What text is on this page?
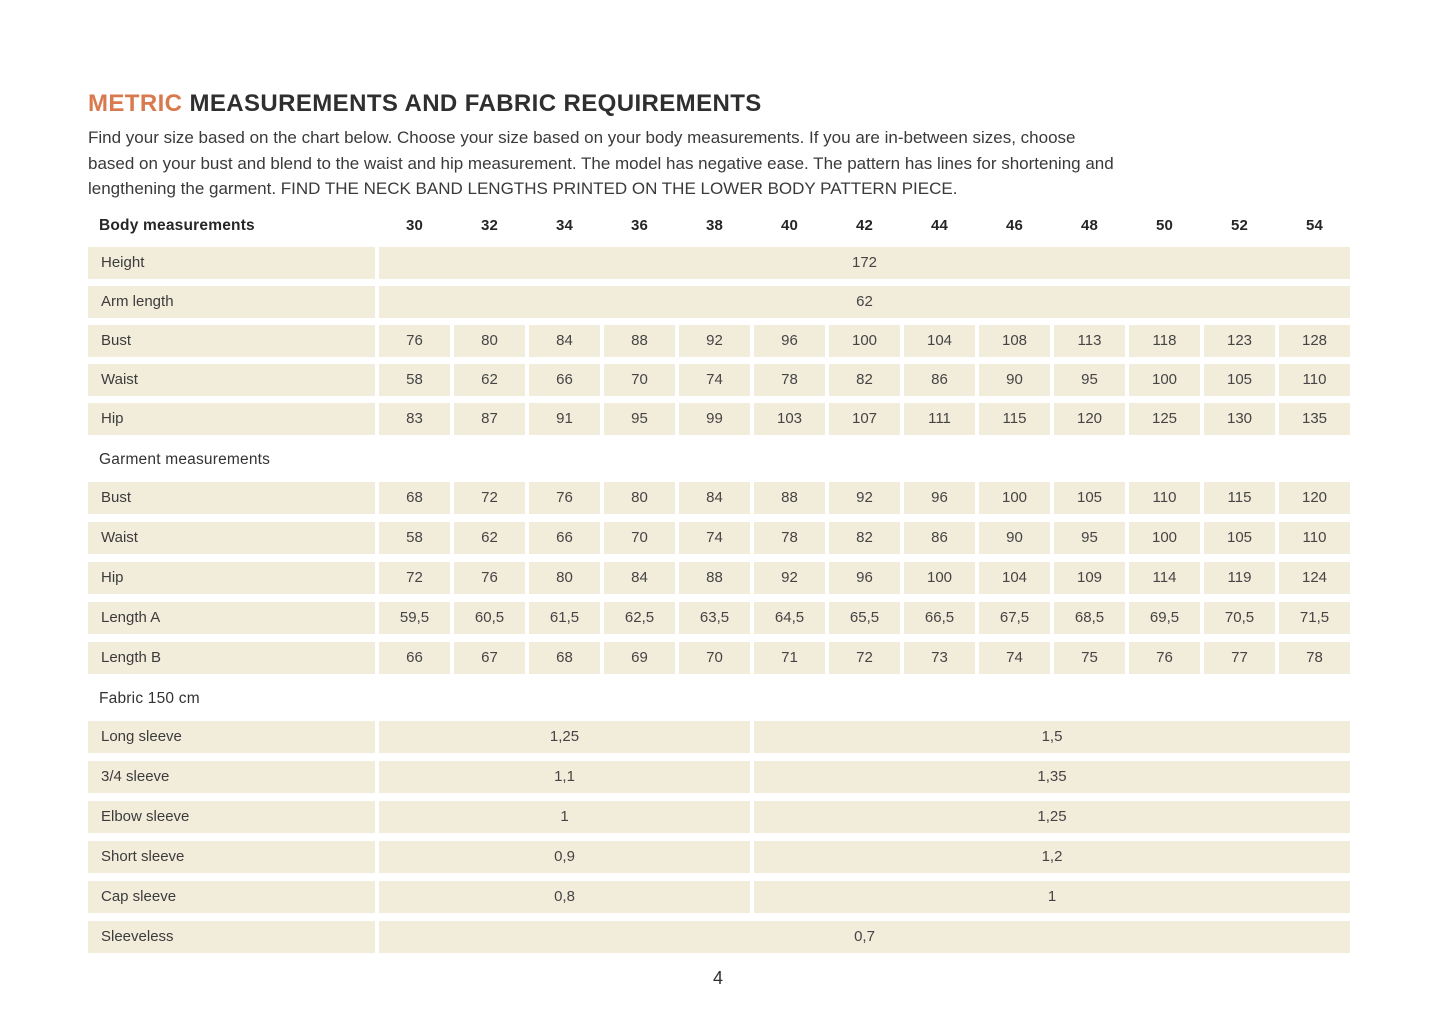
METRIC MEASUREMENTS AND FABRIC REQUIREMENTS
Find your size based on the chart below. Choose your size based on your body measurements. If you are in-between sizes, choose
based on your bust and blend to the waist and hip measurement. The model has negative ease. The pattern has lines for shortening and
lengthening the garment. FIND THE NECK BAND LENGTHS PRINTED ON THE LOWER BODY PATTERN PIECE.
Body measurements	30	32	34	36	38	40	42	44	46	48	50	52	54
Height	172
Arm length	62
Bust	76	80	84	88	92	96	100	104	108	113	118	123	128
Waist	58	62	66	70	74	78	82	86	90	95	100	105	110
Hip	83	87	91	95	99	103	107	111	115	120	125	130	135
Garment measurements
Bust	68	72	76	80	84	88	92	96	100	105	110	115	120
Waist	58	62	66	70	74	78	82	86	90	95	100	105	110
Hip	72	76	80	84	88	92	96	100	104	109	114	119	124
Length A	59,5	60,5	61,5	62,5	63,5	64,5	65,5	66,5	67,5	68,5	69,5	70,5	71,5
Length B	66	67	68	69	70	71	72	73	74	75	76	77	78
Fabric 150 cm
Long sleeve	1,25	1,5
3/4 sleeve	1,1	1,35
Elbow sleeve	1	1,25
Short sleeve	0,9	1,2
Cap sleeve	0,8	1
Sleeveless	0,7
4
